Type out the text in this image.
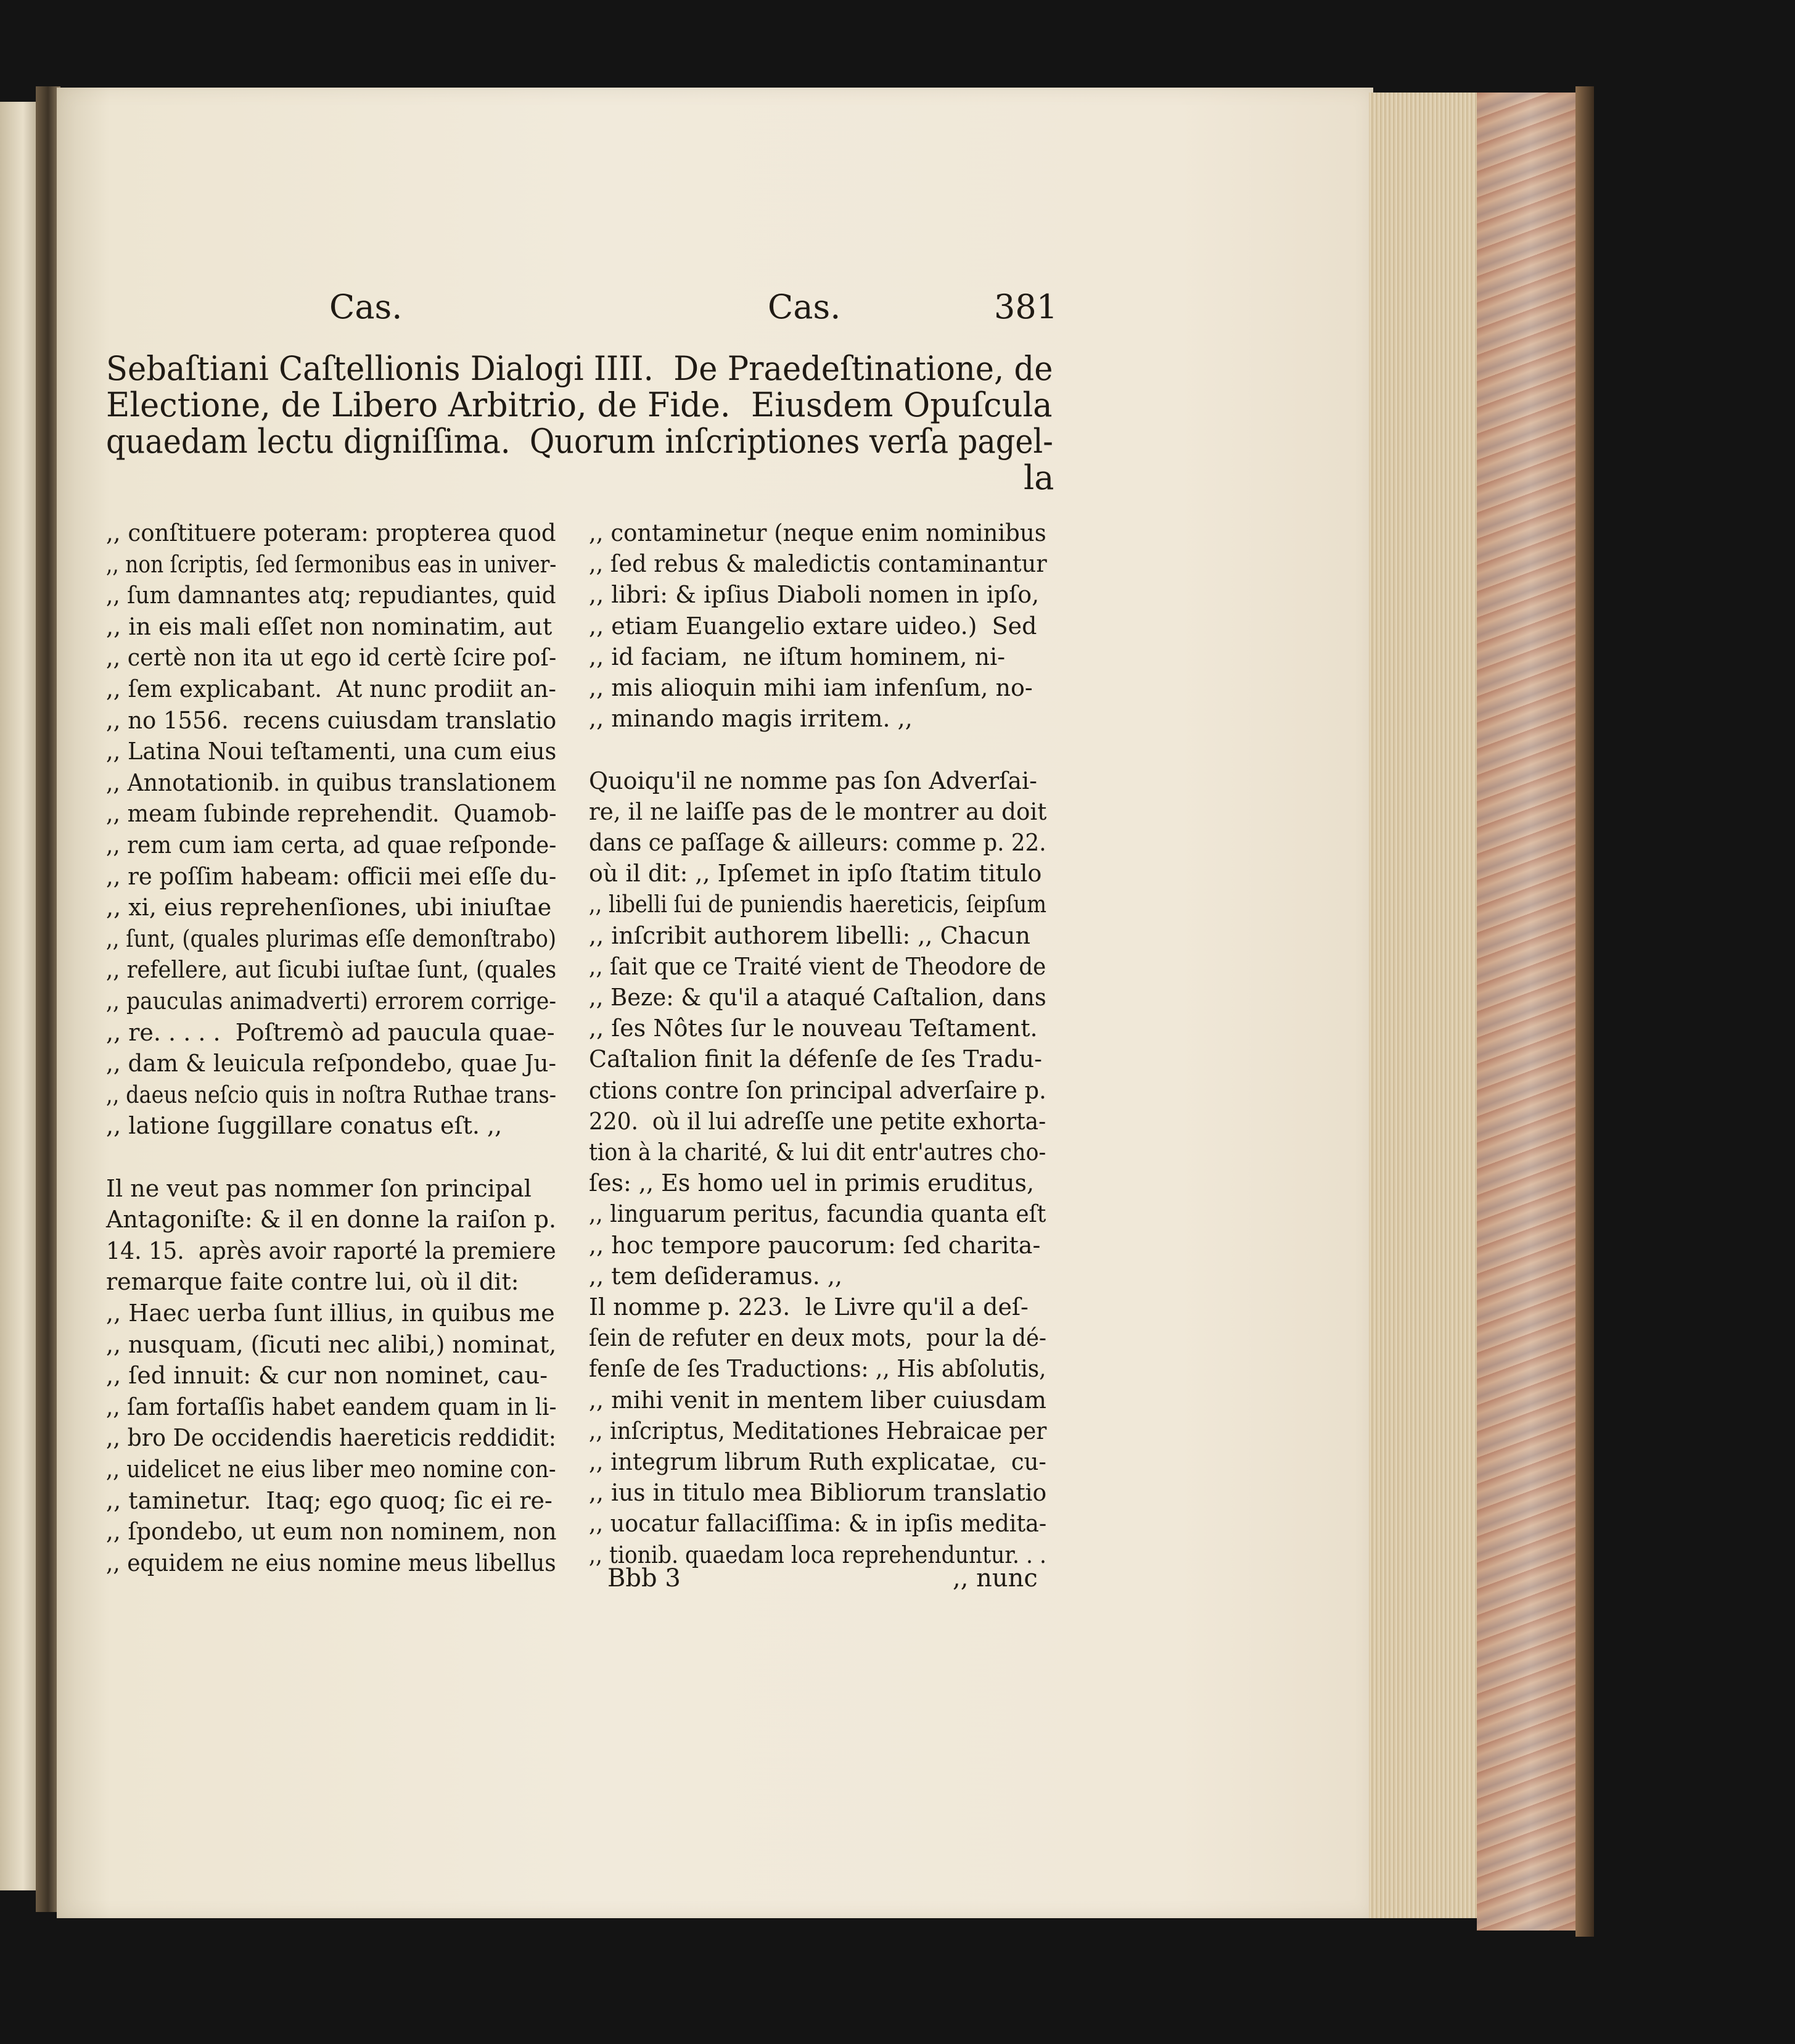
Cas.	Cas.	381
Sebaſtiani Caſtellionis Dialogi IIII.  De Praedeſtinatione, de
Electione, de Libero Arbitrio, de Fide.  Eiusdem Opuſcula
quaedam lectu digniſſima.  Quorum inſcriptiones verſa pagel-
la
,, conſtituere poteram: propterea quod
,, non ſcriptis, ſed ſermonibus eas in univer-
,, ſum damnantes atq; repudiantes, quid
,, in eis mali eſſet non nominatim, aut
,, certè non ita ut ego id certè ſcire poſ-
,, ſem explicabant.  At nunc prodiit an-
,, no 1556.  recens cuiusdam translatio
,, Latina Noui teſtamenti, una cum eius
,, Annotationib. in quibus translationem
,, meam ſubinde reprehendit.  Quamob-
,, rem cum iam certa, ad quae reſponde-
,, re poſſim habeam: officii mei eſſe du-
,, xi, eius reprehenſiones, ubi iniuſtae
,, ſunt, (quales plurimas eſſe demonſtrabo)
,, refellere, aut ſicubi iuſtae ſunt, (quales
,, pauculas animadverti) errorem corrige-
,, re. . . . .  Poſtremò ad paucula quae-
,, dam & leuicula reſpondebo, quae Ju-
,, daeus neſcio quis in noſtra Ruthae trans-
,, latione ſuggillare conatus eſt. ,,
Il ne veut pas nommer ſon principal
Antagoniſte: & il en donne la raiſon p.
14. 15.  après avoir raporté la premiere
remarque faite contre lui, où il dit:
,, Haec uerba ſunt illius, in quibus me
,, nusquam, (ſicuti nec alibi,) nominat,
,, ſed innuit: & cur non nominet, cau-
,, ſam fortaſſis habet eandem quam in li-
,, bro De occidendis haereticis reddidit:
,, uidelicet ne eius liber meo nomine con-
,, taminetur.  Itaq; ego quoq; ſic ei re-
,, ſpondebo, ut eum non nominem, non
,, equidem ne eius nomine meus libellus
,, contaminetur (neque enim nominibus
,, ſed rebus & maledictis contaminantur
,, libri: & ipſius Diaboli nomen in ipſo,
,, etiam Euangelio extare uideo.)  Sed
,, id faciam,  ne iſtum hominem, ni-
,, mis alioquin mihi iam infenſum, no-
,, minando magis irritem. ,,
Quoiqu'il ne nomme pas ſon Adverſai-
re, il ne laiſſe pas de le montrer au doit
dans ce paſſage & ailleurs: comme p. 22.
où il dit: ,, Ipſemet in ipſo ſtatim titulo
,, libelli ſui de puniendis haereticis, ſeipſum
,, inſcribit authorem libelli: ,, Chacun
,, ſait que ce Traité vient de Theodore de
,, Beze: & qu'il a ataqué Caſtalion, dans
,, ſes Nôtes ſur le nouveau Teſtament.
Caſtalion finit la défenſe de ſes Tradu-
ctions contre ſon principal adverſaire p.
220.  où il lui adreſſe une petite exhorta-
tion à la charité, & lui dit entr'autres cho-
ſes: ,, Es homo uel in primis eruditus,
,, linguarum peritus, facundia quanta eſt
,, hoc tempore paucorum: ſed charita-
,, tem deſideramus. ,,
Il nomme p. 223.  le Livre qu'il a deſ-
ſein de refuter en deux mots,  pour la dé-
fenſe de ſes Traductions: ,, His abſolutis,
,, mihi venit in mentem liber cuiusdam
,, inſcriptus, Meditationes Hebraicae per
,, integrum librum Ruth explicatae,  cu-
,, ius in titulo mea Bibliorum translatio
,, uocatur fallaciſſima: & in ipſis medita-
,, tionib. quaedam loca reprehenduntur. . .
Bbb 3	,, nunc
